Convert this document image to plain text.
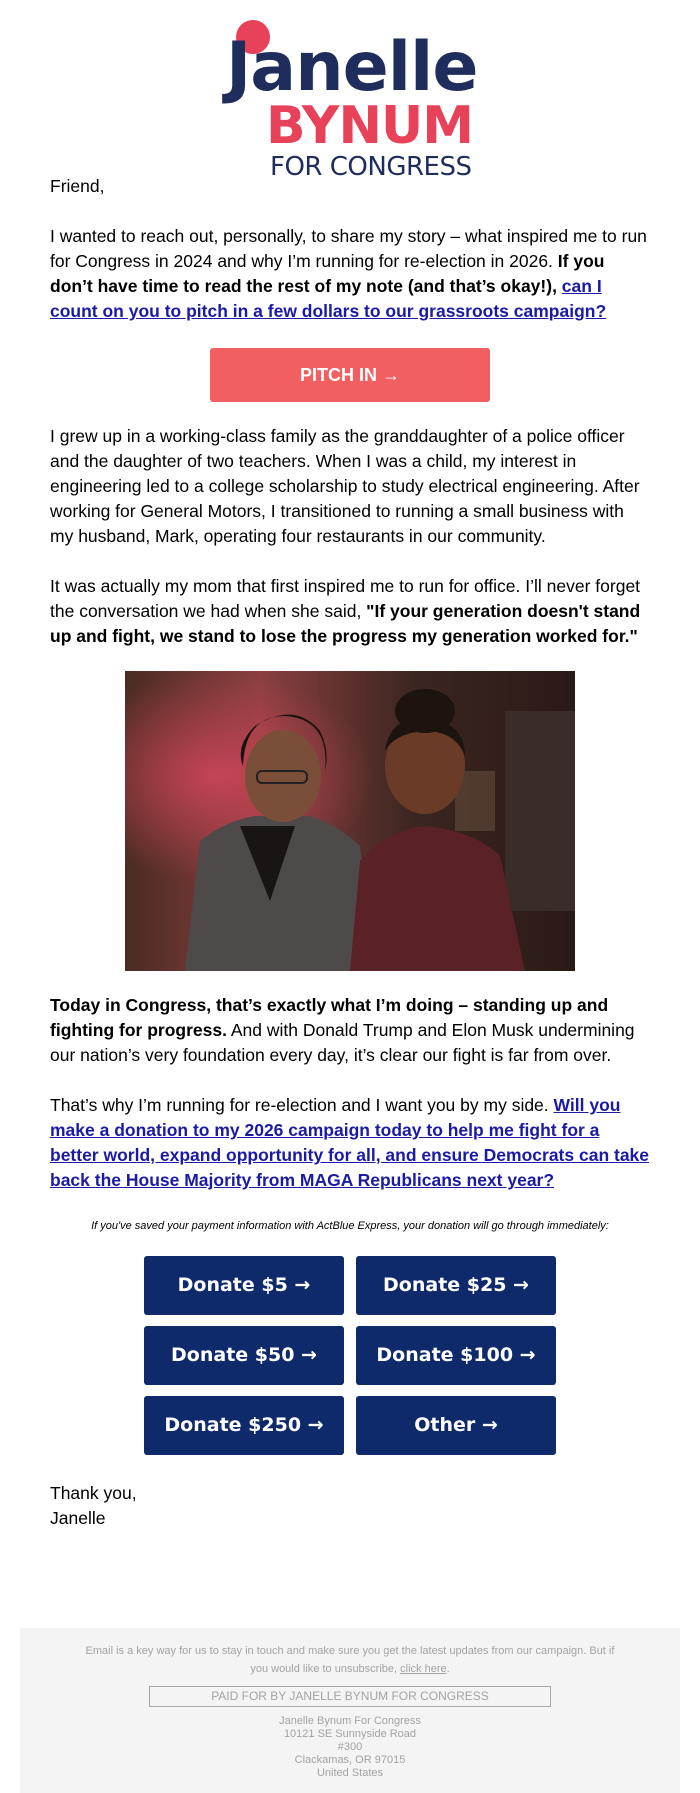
Janelle
BYNUM
FOR CONGRESS

Friend,

I wanted to reach out, personally, to share my story – what inspired me to run for Congress in 2024 and why I’m running for re-election in 2026. If you don’t have time to read the rest of my note (and that’s okay!), can I count on you to pitch in a few dollars to our grassroots campaign?

PITCH IN →

I grew up in a working-class family as the granddaughter of a police officer and the daughter of two teachers. When I was a child, my interest in engineering led to a college scholarship to study electrical engineering. After working for General Motors, I transitioned to running a small business with my husband, Mark, operating four restaurants in our community.

It was actually my mom that first inspired me to run for office. I’ll never forget the conversation we had when she said, "If your generation doesn't stand up and fight, we stand to lose the progress my generation worked for."

Today in Congress, that’s exactly what I’m doing – standing up and fighting for progress. And with Donald Trump and Elon Musk undermining our nation’s very foundation every day, it’s clear our fight is far from over.

That’s why I’m running for re-election and I want you by my side. Will you make a donation to my 2026 campaign today to help me fight for a better world, expand opportunity for all, and ensure Democrats can take back the House Majority from MAGA Republicans next year?

If you've saved your payment information with ActBlue Express, your donation will go through immediately:
Donate $5 →	Donate $25 →
Donate $50 →	Donate $100 →
Donate $250 →	Other →

Thank you,

Janelle

Email is a key way for us to stay in touch and make sure you get the latest updates from our campaign. But if you would like to unsubscribe, click here.
PAID FOR BY JANELLE BYNUM FOR CONGRESS
Janelle Bynum For Congress
10121 SE Sunnyside Road
#300
Clackamas, OR 97015
United States
